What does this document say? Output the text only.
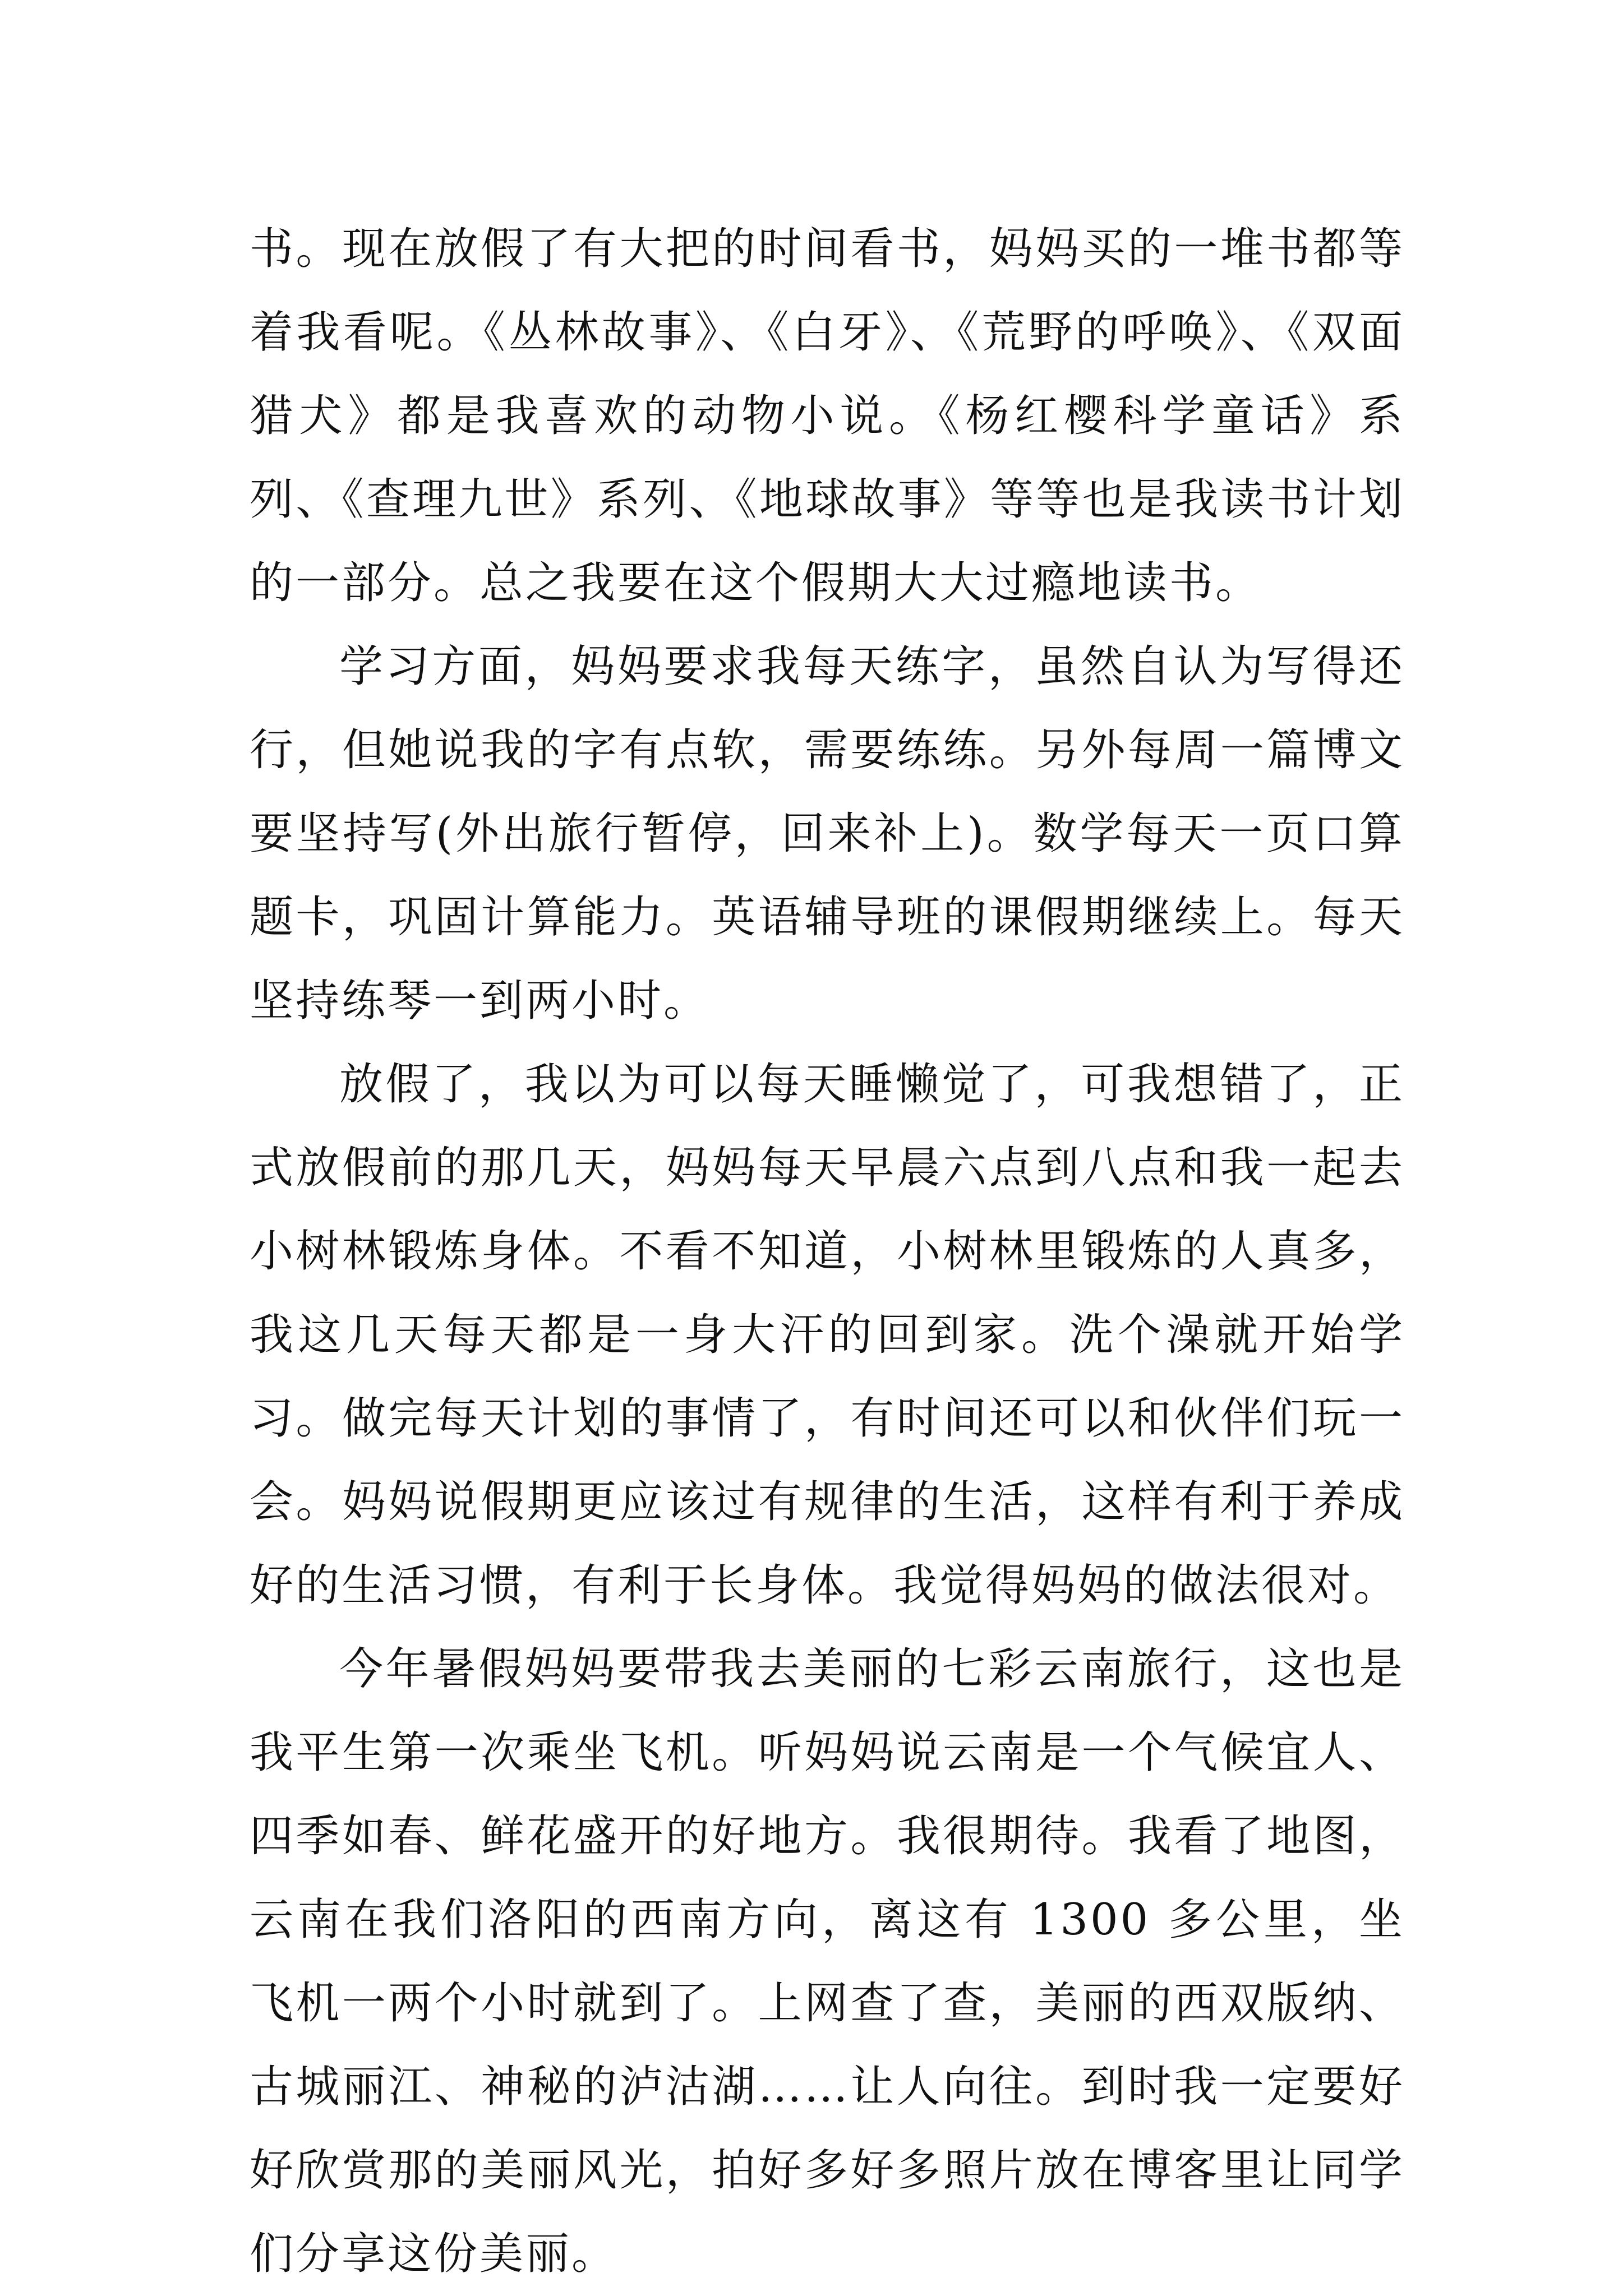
书。现在放假了有大把的时间看书，妈妈买的一堆书都等着我看呢。《丛林故事》、《白牙》、《荒野的呼唤》、《双面猎犬》都是我喜欢的动物小说。《杨红樱科学童话》系列、《查理九世》系列、《地球故事》等等也是我读书计划的一部分。总之我要在这个假期大大过瘾地读书。

学习方面，妈妈要求我每天练字，虽然自认为写得还行，但她说我的字有点软，需要练练。另外每周一篇博文要坚持写(外出旅行暂停，回来补上)。数学每天一页口算题卡，巩固计算能力。英语辅导班的课假期继续上。每天坚持练琴一到两小时。

放假了，我以为可以每天睡懒觉了，可我想错了，正式放假前的那几天，妈妈每天早晨六点到八点和我一起去小树林锻炼身体。不看不知道，小树林里锻炼的人真多，我这几天每天都是一身大汗的回到家。洗个澡就开始学习。做完每天计划的事情了，有时间还可以和伙伴们玩一会。妈妈说假期更应该过有规律的生活，这样有利于养成好的生活习惯，有利于长身体。我觉得妈妈的做法很对。

今年暑假妈妈要带我去美丽的七彩云南旅行，这也是我平生第一次乘坐飞机。听妈妈说云南是一个气候宜人、四季如春、鲜花盛开的好地方。我很期待。我看了地图，云南在我们洛阳的西南方向，离这有 1300 多公里，坐飞机一两个小时就到了。上网查了查，美丽的西双版纳、古城丽江、神秘的泸沽湖……让人向往。到时我一定要好好欣赏那的美丽风光，拍好多好多照片放在博客里让同学们分享这份美丽。
